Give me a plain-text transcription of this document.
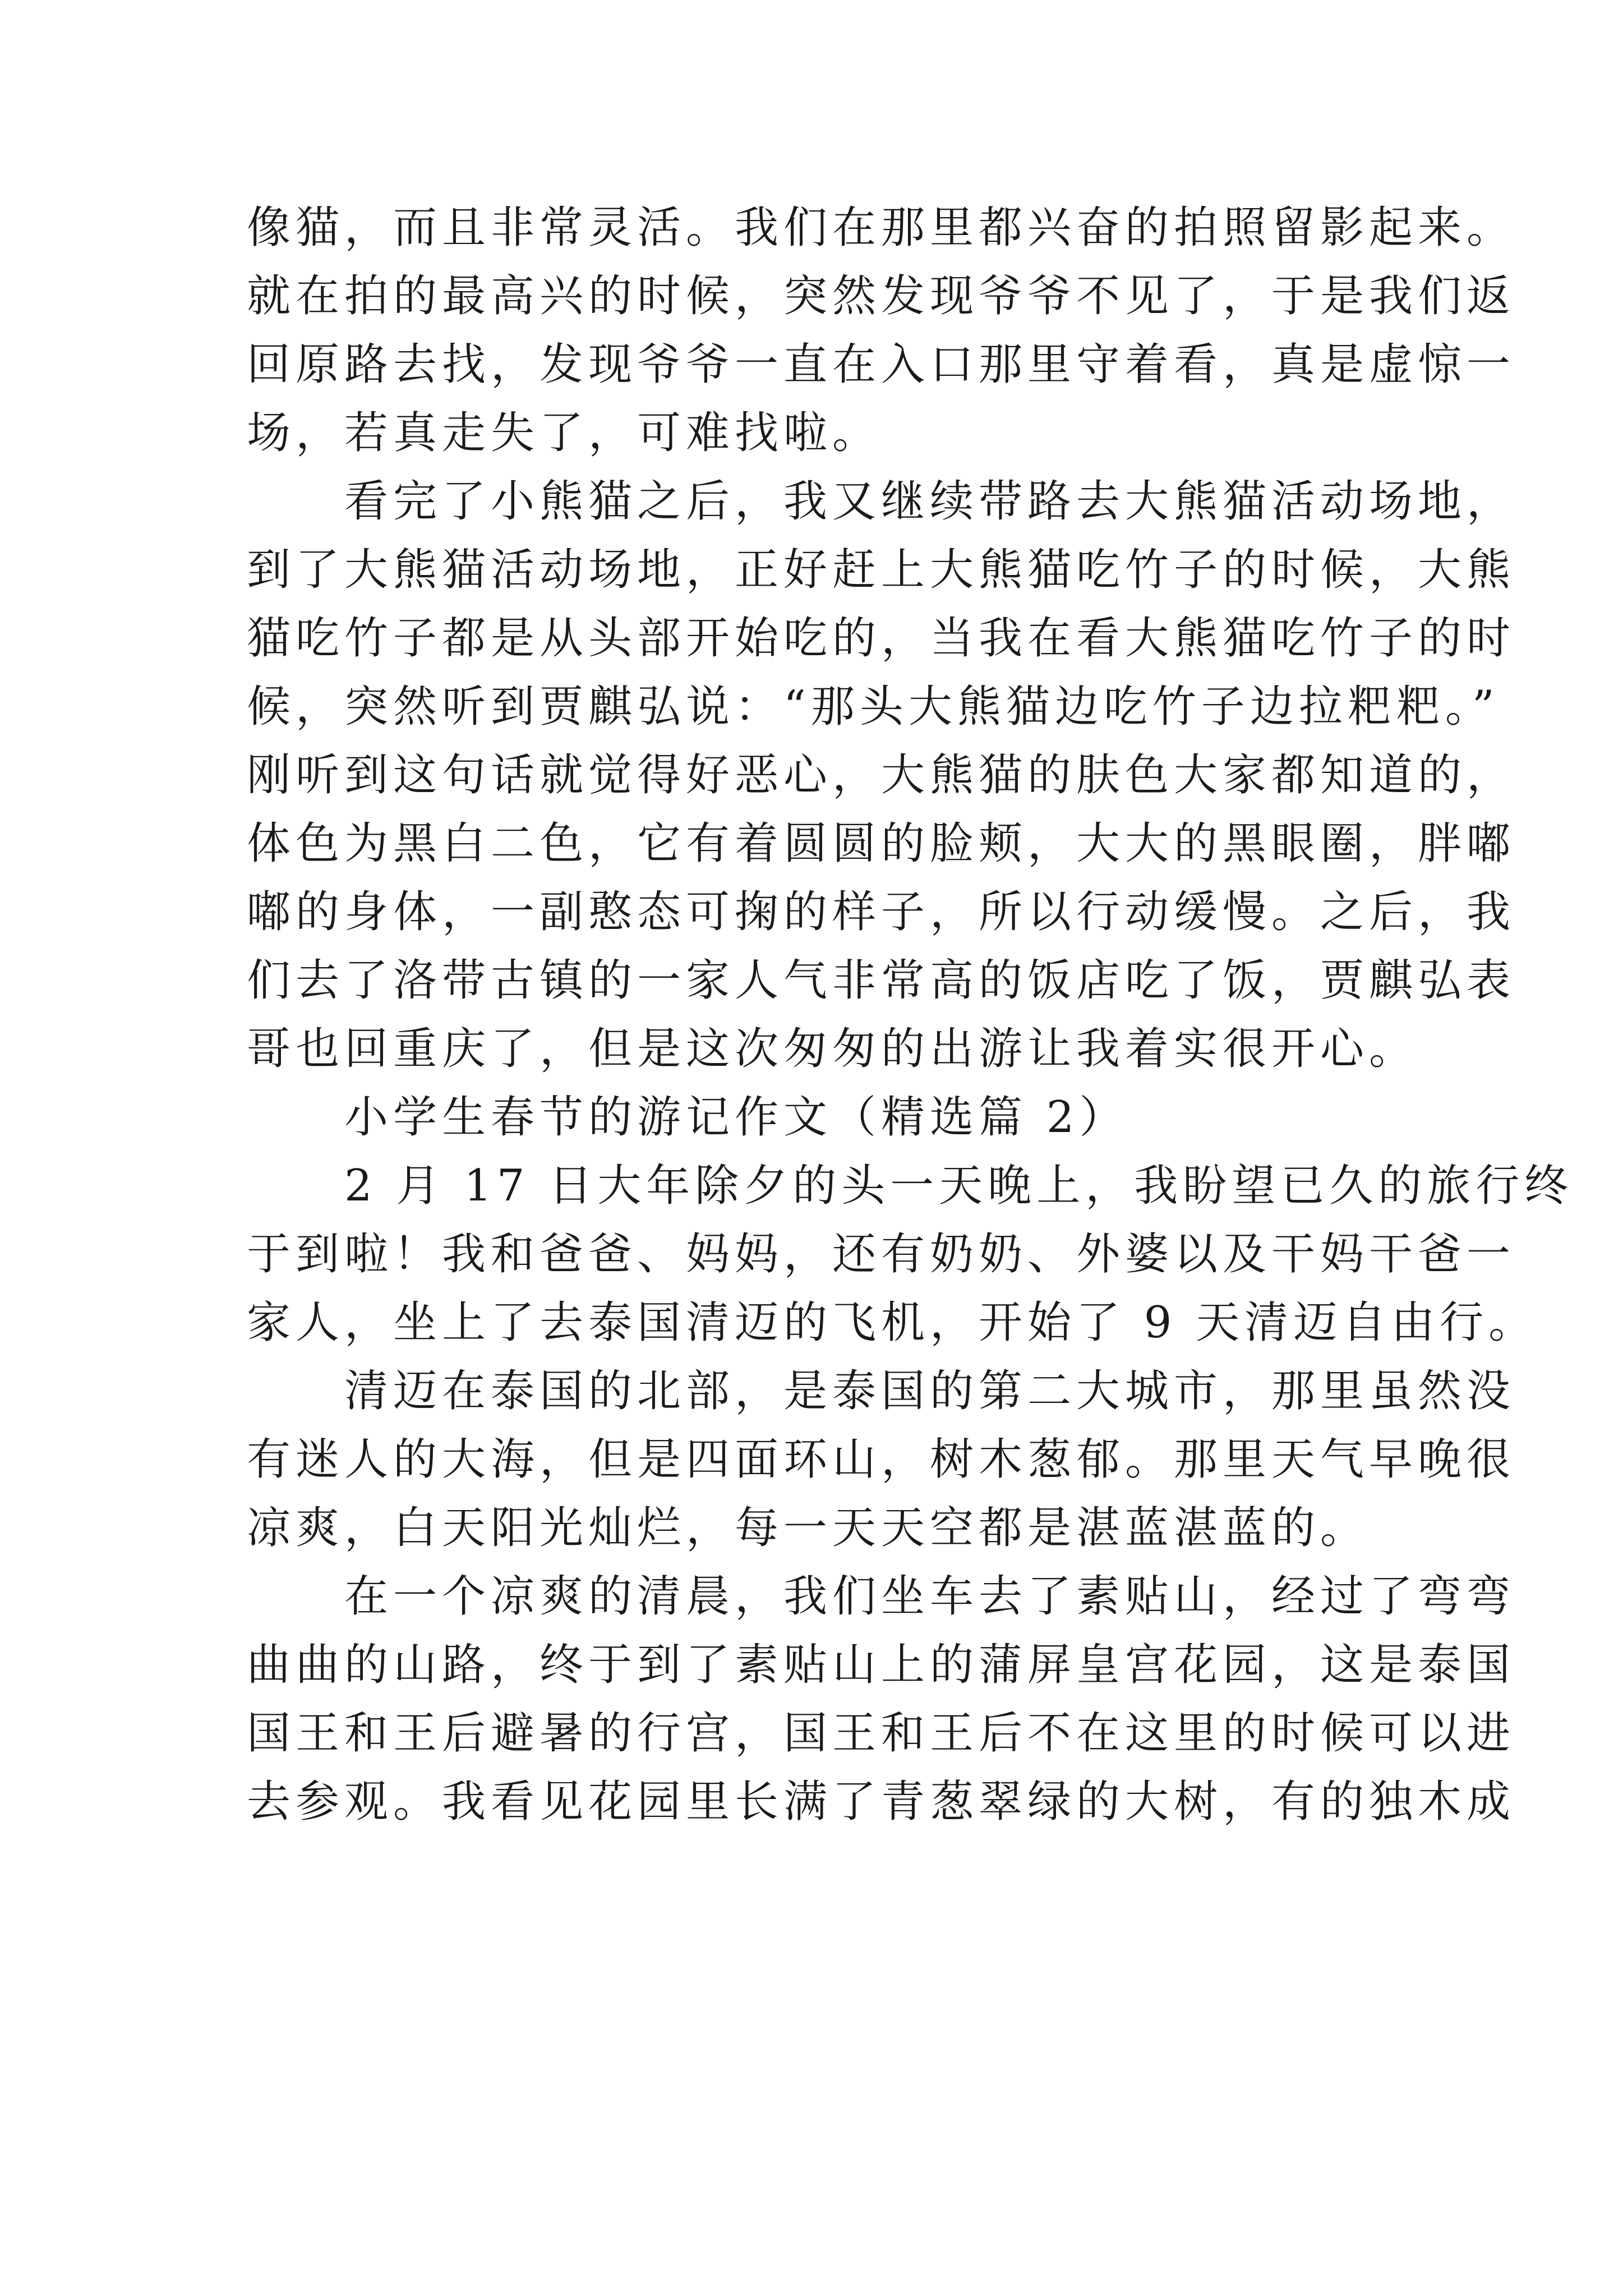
像猫，而且非常灵活。我们在那里都兴奋的拍照留影起来。
就在拍的最高兴的时候，突然发现爷爷不见了，于是我们返
回原路去找，发现爷爷一直在入口那里守着看，真是虚惊一
场，若真走失了，可难找啦。
　　看完了小熊猫之后，我又继续带路去大熊猫活动场地，
到了大熊猫活动场地，正好赶上大熊猫吃竹子的时候，大熊
猫吃竹子都是从头部开始吃的，当我在看大熊猫吃竹子的时
候，突然听到贾麒弘说：“那头大熊猫边吃竹子边拉粑粑。”
刚听到这句话就觉得好恶心，大熊猫的肤色大家都知道的，
体色为黑白二色，它有着圆圆的脸颊，大大的黑眼圈，胖嘟
嘟的身体，一副憨态可掬的样子，所以行动缓慢。之后，我
们去了洛带古镇的一家人气非常高的饭店吃了饭，贾麒弘表
哥也回重庆了，但是这次匆匆的出游让我着实很开心。
　　小学生春节的游记作文（精选篇 2）
　　2 月 17 日大年除夕的头一天晚上，我盼望已久的旅行终
于到啦！我和爸爸、妈妈，还有奶奶、外婆以及干妈干爸一
家人，坐上了去泰国清迈的飞机，开始了 9 天清迈自由行。
　　清迈在泰国的北部，是泰国的第二大城市，那里虽然没
有迷人的大海，但是四面环山，树木葱郁。那里天气早晚很
凉爽，白天阳光灿烂，每一天天空都是湛蓝湛蓝的。
　　在一个凉爽的清晨，我们坐车去了素贴山，经过了弯弯
曲曲的山路，终于到了素贴山上的蒲屏皇宫花园，这是泰国
国王和王后避暑的行宫，国王和王后不在这里的时候可以进
去参观。我看见花园里长满了青葱翠绿的大树，有的独木成
